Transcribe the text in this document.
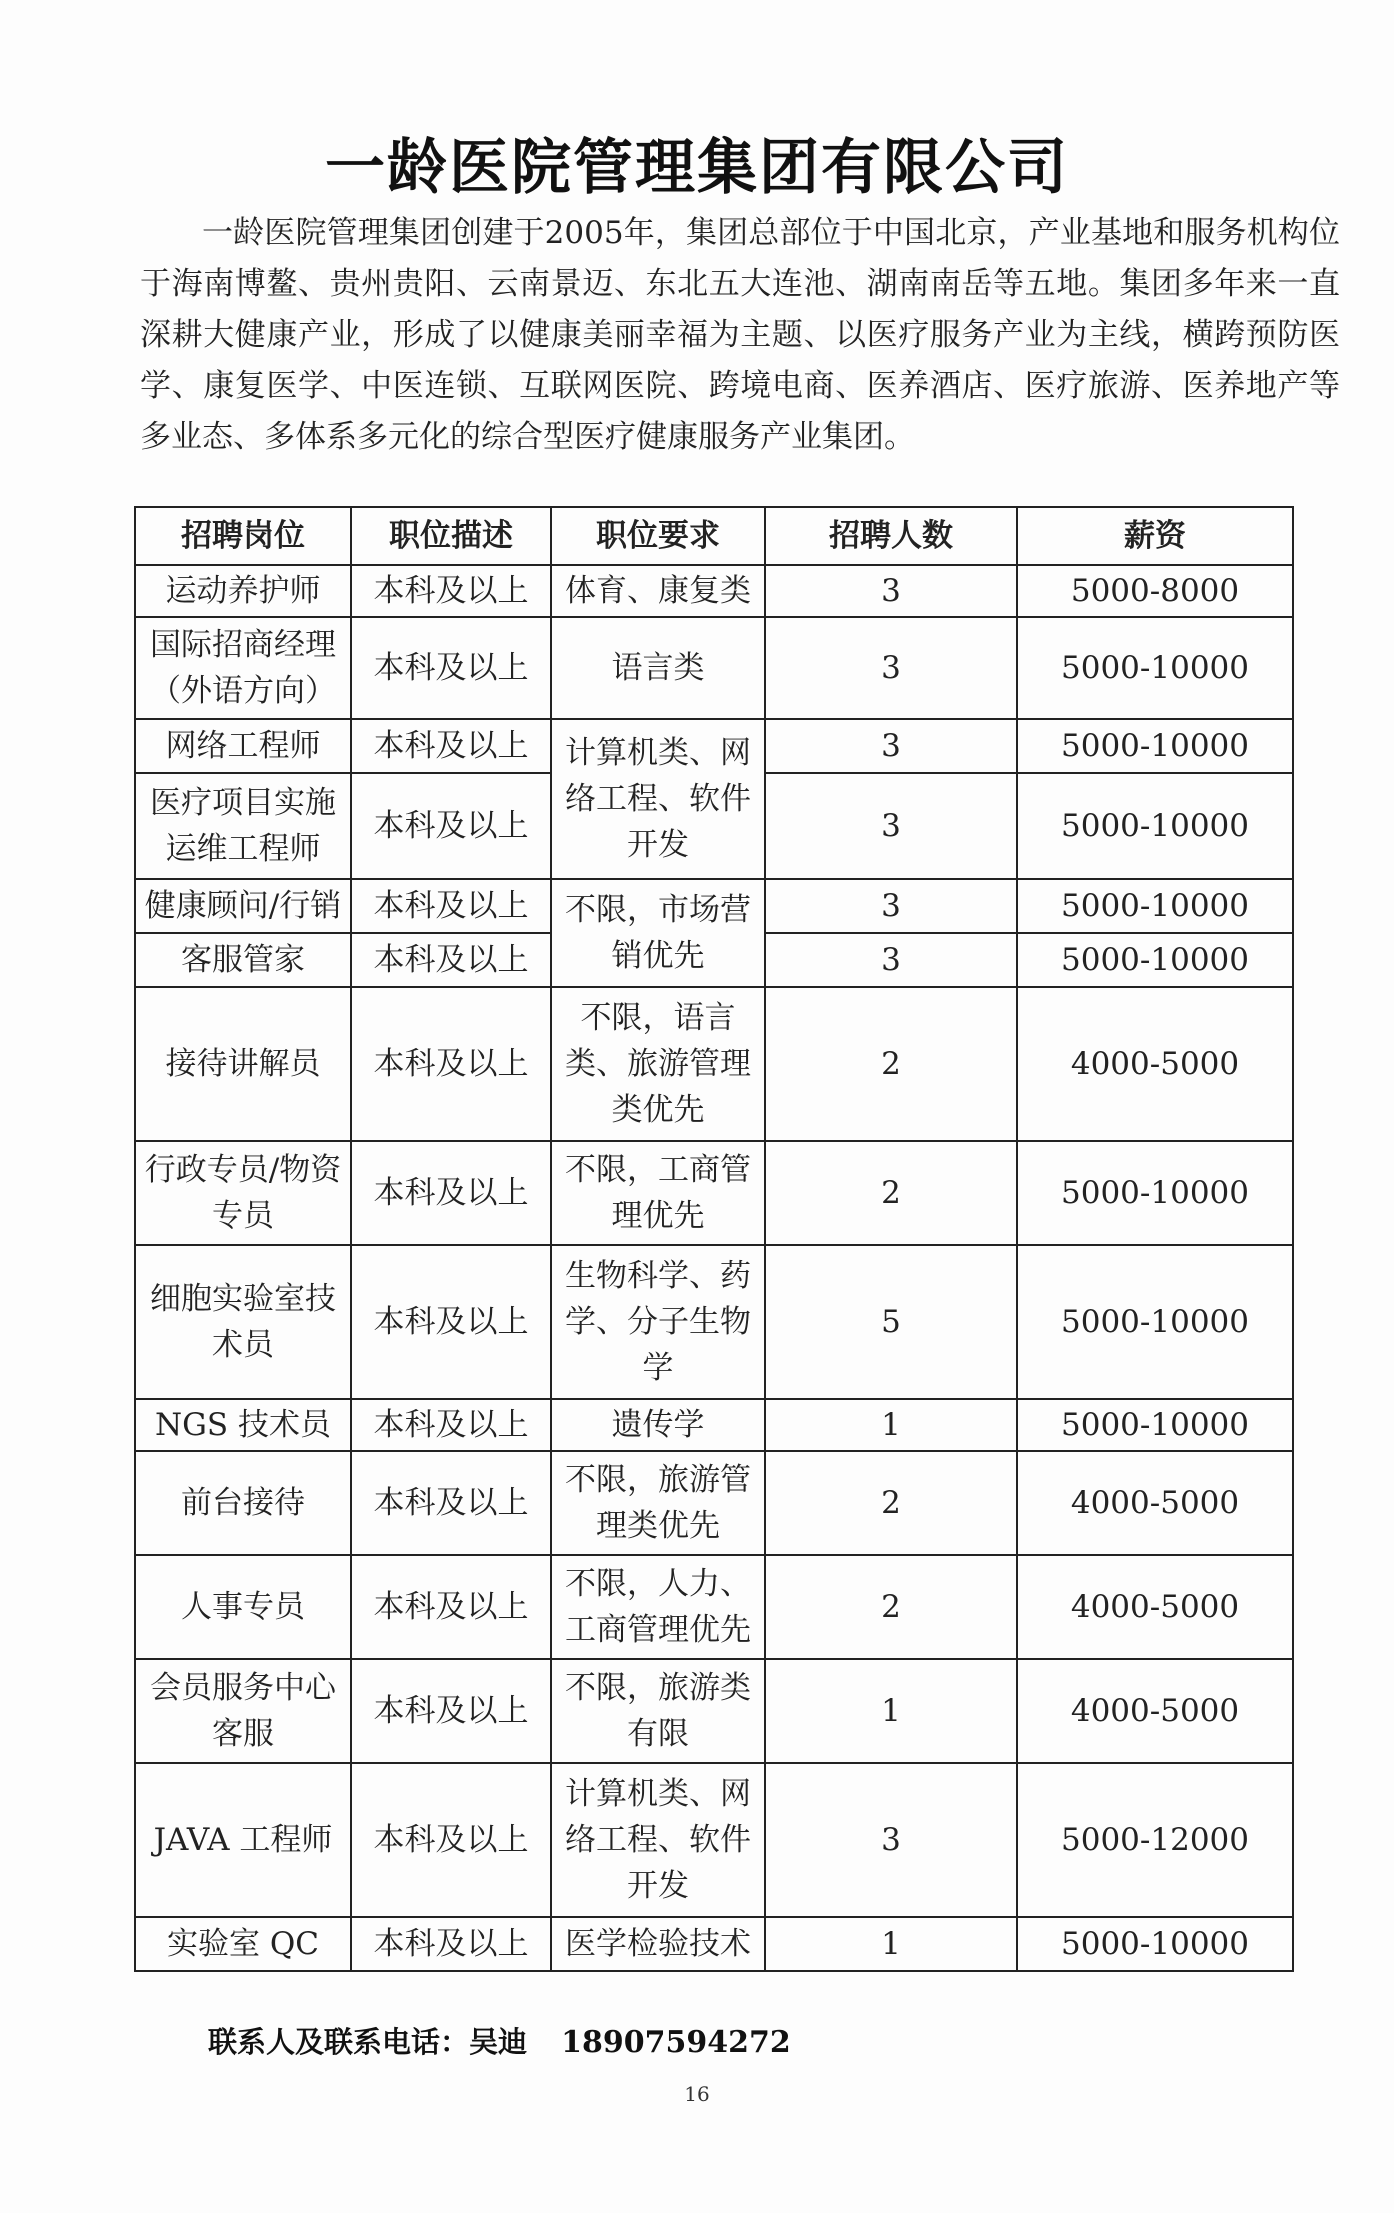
一龄医院管理集团有限公司
一龄医院管理集团创建于2005年，集团总部位于中国北京，产业基地和服务机构位于海南博鳌、贵州贵阳、云南景迈、东北五大连池、湖南南岳等五地。集团多年来一直深耕大健康产业，形成了以健康美丽幸福为主题、以医疗服务产业为主线，横跨预防医学、康复医学、中医连锁、互联网医院、跨境电商、医养酒店、医疗旅游、医养地产等多业态、多体系多元化的综合型医疗健康服务产业集团。
招聘岗位	职位描述	职位要求	招聘人数	薪资
运动养护师	本科及以上	体育、康复类	3	5000-8000
国际招商经理（外语方向）	本科及以上	语言类	3	5000-10000
网络工程师	本科及以上	计算机类、网络工程、软件开发	3	5000-10000
医疗项目实施运维工程师	本科及以上		3	5000-10000
健康顾问/行销	本科及以上	不限，市场营销优先	3	5000-10000
客服管家	本科及以上		3	5000-10000
接待讲解员	本科及以上	不限，语言类、旅游管理类优先	2	4000-5000
行政专员/物资专员	本科及以上	不限，工商管理优先	2	5000-10000
细胞实验室技术员	本科及以上	生物科学、药学、分子生物学	5	5000-10000
NGS 技术员	本科及以上	遗传学	1	5000-10000
前台接待	本科及以上	不限，旅游管理类优先	2	4000-5000
人事专员	本科及以上	不限，人力、工商管理优先	2	4000-5000
会员服务中心客服	本科及以上	不限，旅游类有限	1	4000-5000
JAVA 工程师	本科及以上	计算机类、网络工程、软件开发	3	5000-12000
实验室 QC	本科及以上	医学检验技术	1	5000-10000
联系人及联系电话：吴迪 18907594272
16
